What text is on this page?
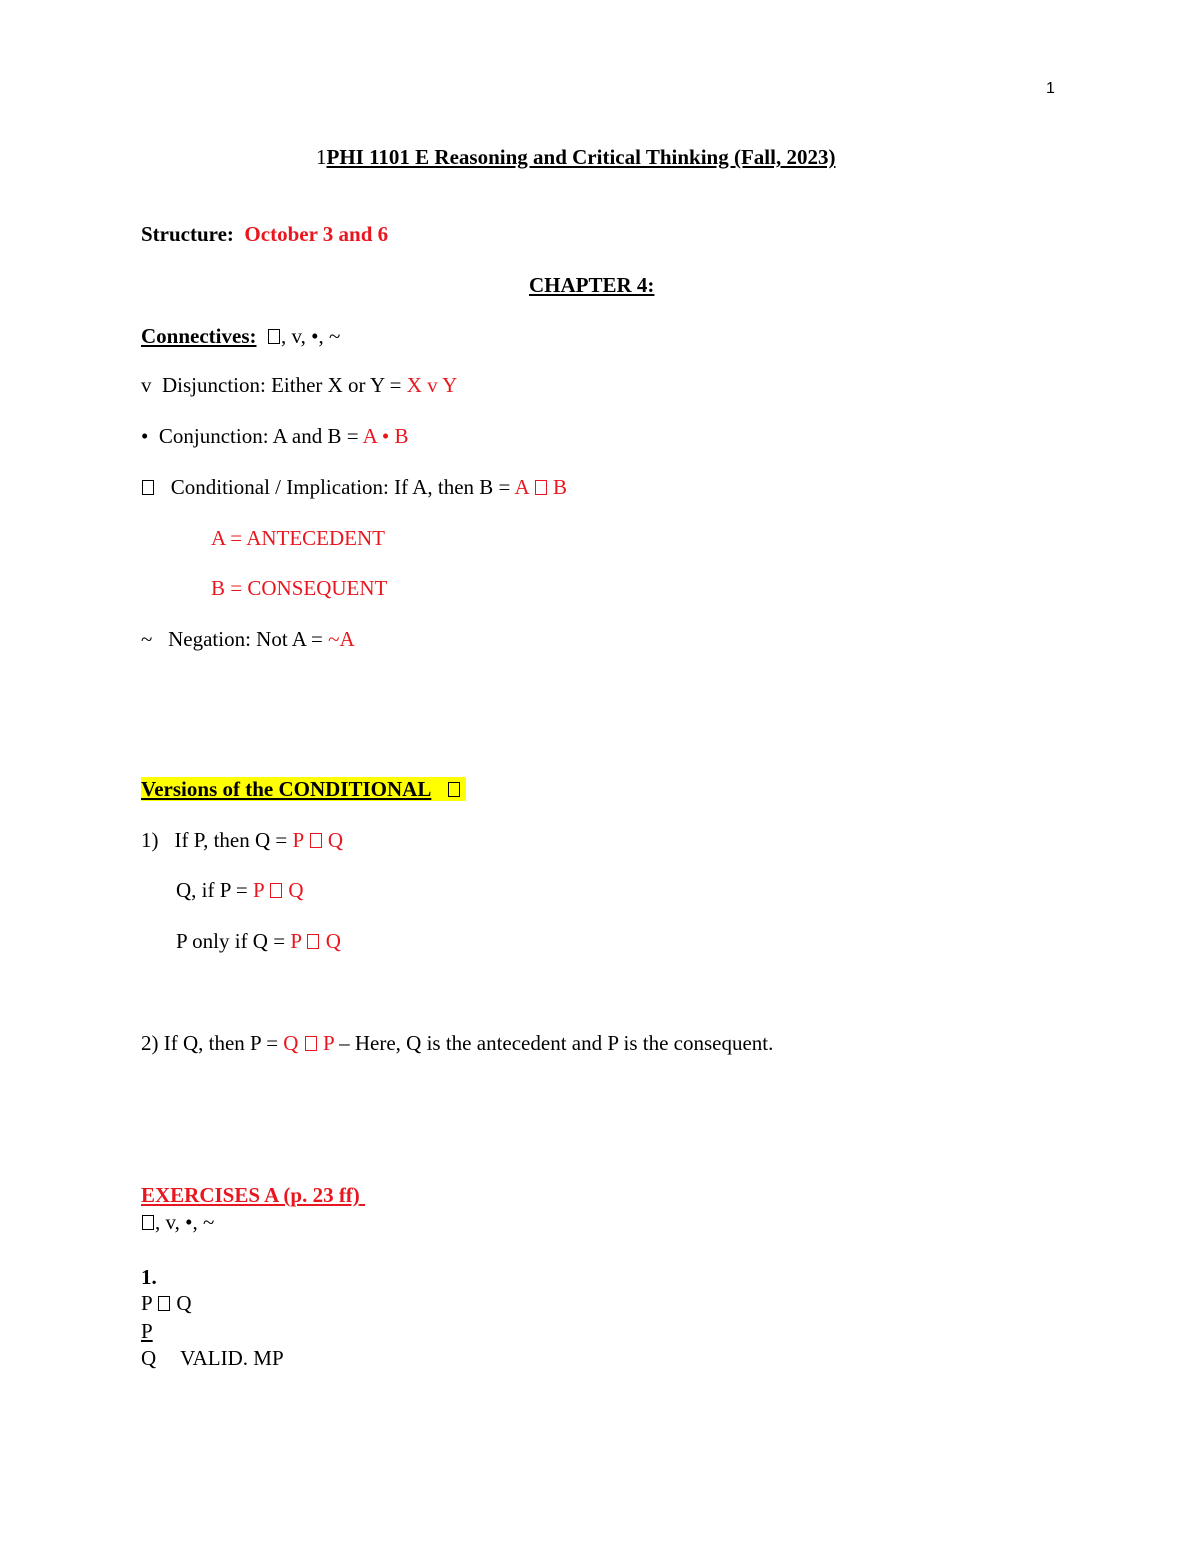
1
1PHI 1101 E Reasoning and Critical Thinking (Fall, 2023)
Structure: October 3 and 6
CHAPTER 4:
Connectives: , v, •, ~
v Disjunction: Either X or Y = X v Y
• Conjunction: A and B = A • B
Conditional / Implication: If A, then B = A B
A = ANTECEDENT
B = CONSEQUENT
~ Negation: Not A = ~A
Versions of the CONDITIONAL
1) If P, then Q = P Q
Q, if P = P Q
P only if Q = P Q
2) If Q, then P = Q P – Here, Q is the antecedent and P is the consequent.
EXERCISES A (p. 23 ff)
, v, •, ~
1.
P Q
P
Q VALID. MP
